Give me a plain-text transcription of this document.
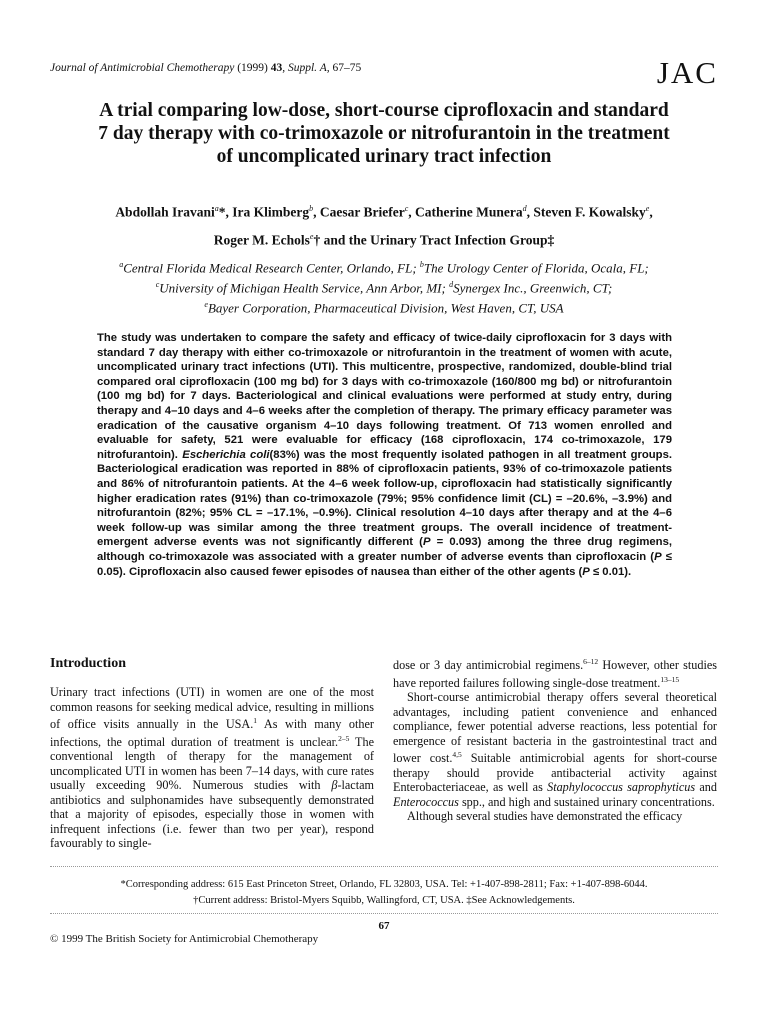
Journal of Antimicrobial Chemotherapy (1999) 43, Suppl. A, 67–75	JAC
A trial comparing low-dose, short-course ciprofloxacin and standard
7 day therapy with co-trimoxazole or nitrofurantoin in the treatment
of uncomplicated urinary tract infection
Abdollah Iravani$^a$*, Ira Klimberg$^b$, Caesar Briefer$^c$, Catherine Munera$^d$, Steven F. Kowalsky$^e$,
Roger M. Echols$^e$† and the Urinary Tract Infection Group‡
$^a$Central Florida Medical Research Center, Orlando, FL; $^b$The Urology Center of Florida, Ocala, FL;
$^c$University of Michigan Health Service, Ann Arbor, MI; $^d$Synergex Inc., Greenwich, CT;
$^e$Bayer Corporation, Pharmaceutical Division, West Haven, CT, USA

The study was undertaken to compare the safety and efficacy of twice-daily ciprofloxacin for 3 days with standard 7 day therapy with either co-trimoxazole or nitrofurantoin in the treatment of women with acute, uncomplicated urinary tract infections (UTI). This multicentre, prospective, randomized, double-blind trial compared oral ciprofloxacin (100 mg bd) for 3 days with co-trimoxazole (160/800 mg bd) or nitrofurantoin (100 mg bd) for 7 days. Bacteriological and clinical evaluations were performed at study entry, during therapy and 4–10 days and 4–6 weeks after the completion of therapy. The primary efficacy parameter was eradication of the causative organism 4–10 days following treatment. Of 713 women enrolled and evaluable for safety, 521 were evaluable for efficacy (168 ciprofloxacin, 174 co-trimoxazole, 179 nitrofurantoin). Escherichia coli(83%) was the most frequently isolated pathogen in all treatment groups. Bacteriological eradication was reported in 88% of ciprofloxacin patients, 93% of co-trimoxazole patients and 86% of nitrofurantoin patients. At the 4–6 week follow-up, ciprofloxacin had statistically significantly higher eradication rates (91%) than co-trimoxazole (79%; 95% confidence limit (CL) = –20.6%, –3.9%) and nitrofurantoin (82%; 95% CL = –17.1%, –0.9%). Clinical resolution 4–10 days after therapy and at the 4–6 week follow-up was similar among the three treatment groups. The overall incidence of treatment-emergent adverse events was not significantly different (P = 0.093) among the three drug regimens, although co-trimoxazole was associated with a greater number of adverse events than ciprofloxacin (P ≤ 0.05). Ciprofloxacin also caused fewer episodes of nausea than either of the other agents (P ≤ 0.01).

Introduction

Urinary tract infections (UTI) in women are one of the most common reasons for seeking medical advice, resulting in millions of office visits annually in the USA.$^1$ As with many other infections, the optimal duration of treatment is unclear.$^{2-5}$ The conventional length of therapy for the management of uncomplicated UTI in women has been 7–14 days, with cure rates usually exceeding 90%. Numerous studies with β-lactam antibiotics and sulphonamides have subsequently demonstrated that a majority of episodes, especially those in women with infrequent infections (i.e. fewer than two per year), respond favourably to single-

dose or 3 day antimicrobial regimens.$^{6-12}$ However, other studies have reported failures following single-dose treatment.$^{13-15}$

Short-course antimicrobial therapy offers several theoretical advantages, including patient convenience and enhanced compliance, fewer potential adverse reactions, less potential for emergence of resistant bacteria in the gastrointestinal tract and lower cost.$^{4,5}$ Suitable antimicrobial agents for short-course therapy should provide antibacterial activity against Enterobacteriaceae, as well as Staphylococcus saprophyticus and Enterococcus spp., and high and sustained urinary concentrations.

Although several studies have demonstrated the efficacy

*Corresponding address: 615 East Princeton Street, Orlando, FL 32803, USA. Tel: +1-407-898-2811; Fax: +1-407-898-6044.
†Current address: Bristol-Myers Squibb, Wallingford, CT, USA. ‡See Acknowledgements.
67
© 1999 The British Society for Antimicrobial Chemotherapy
